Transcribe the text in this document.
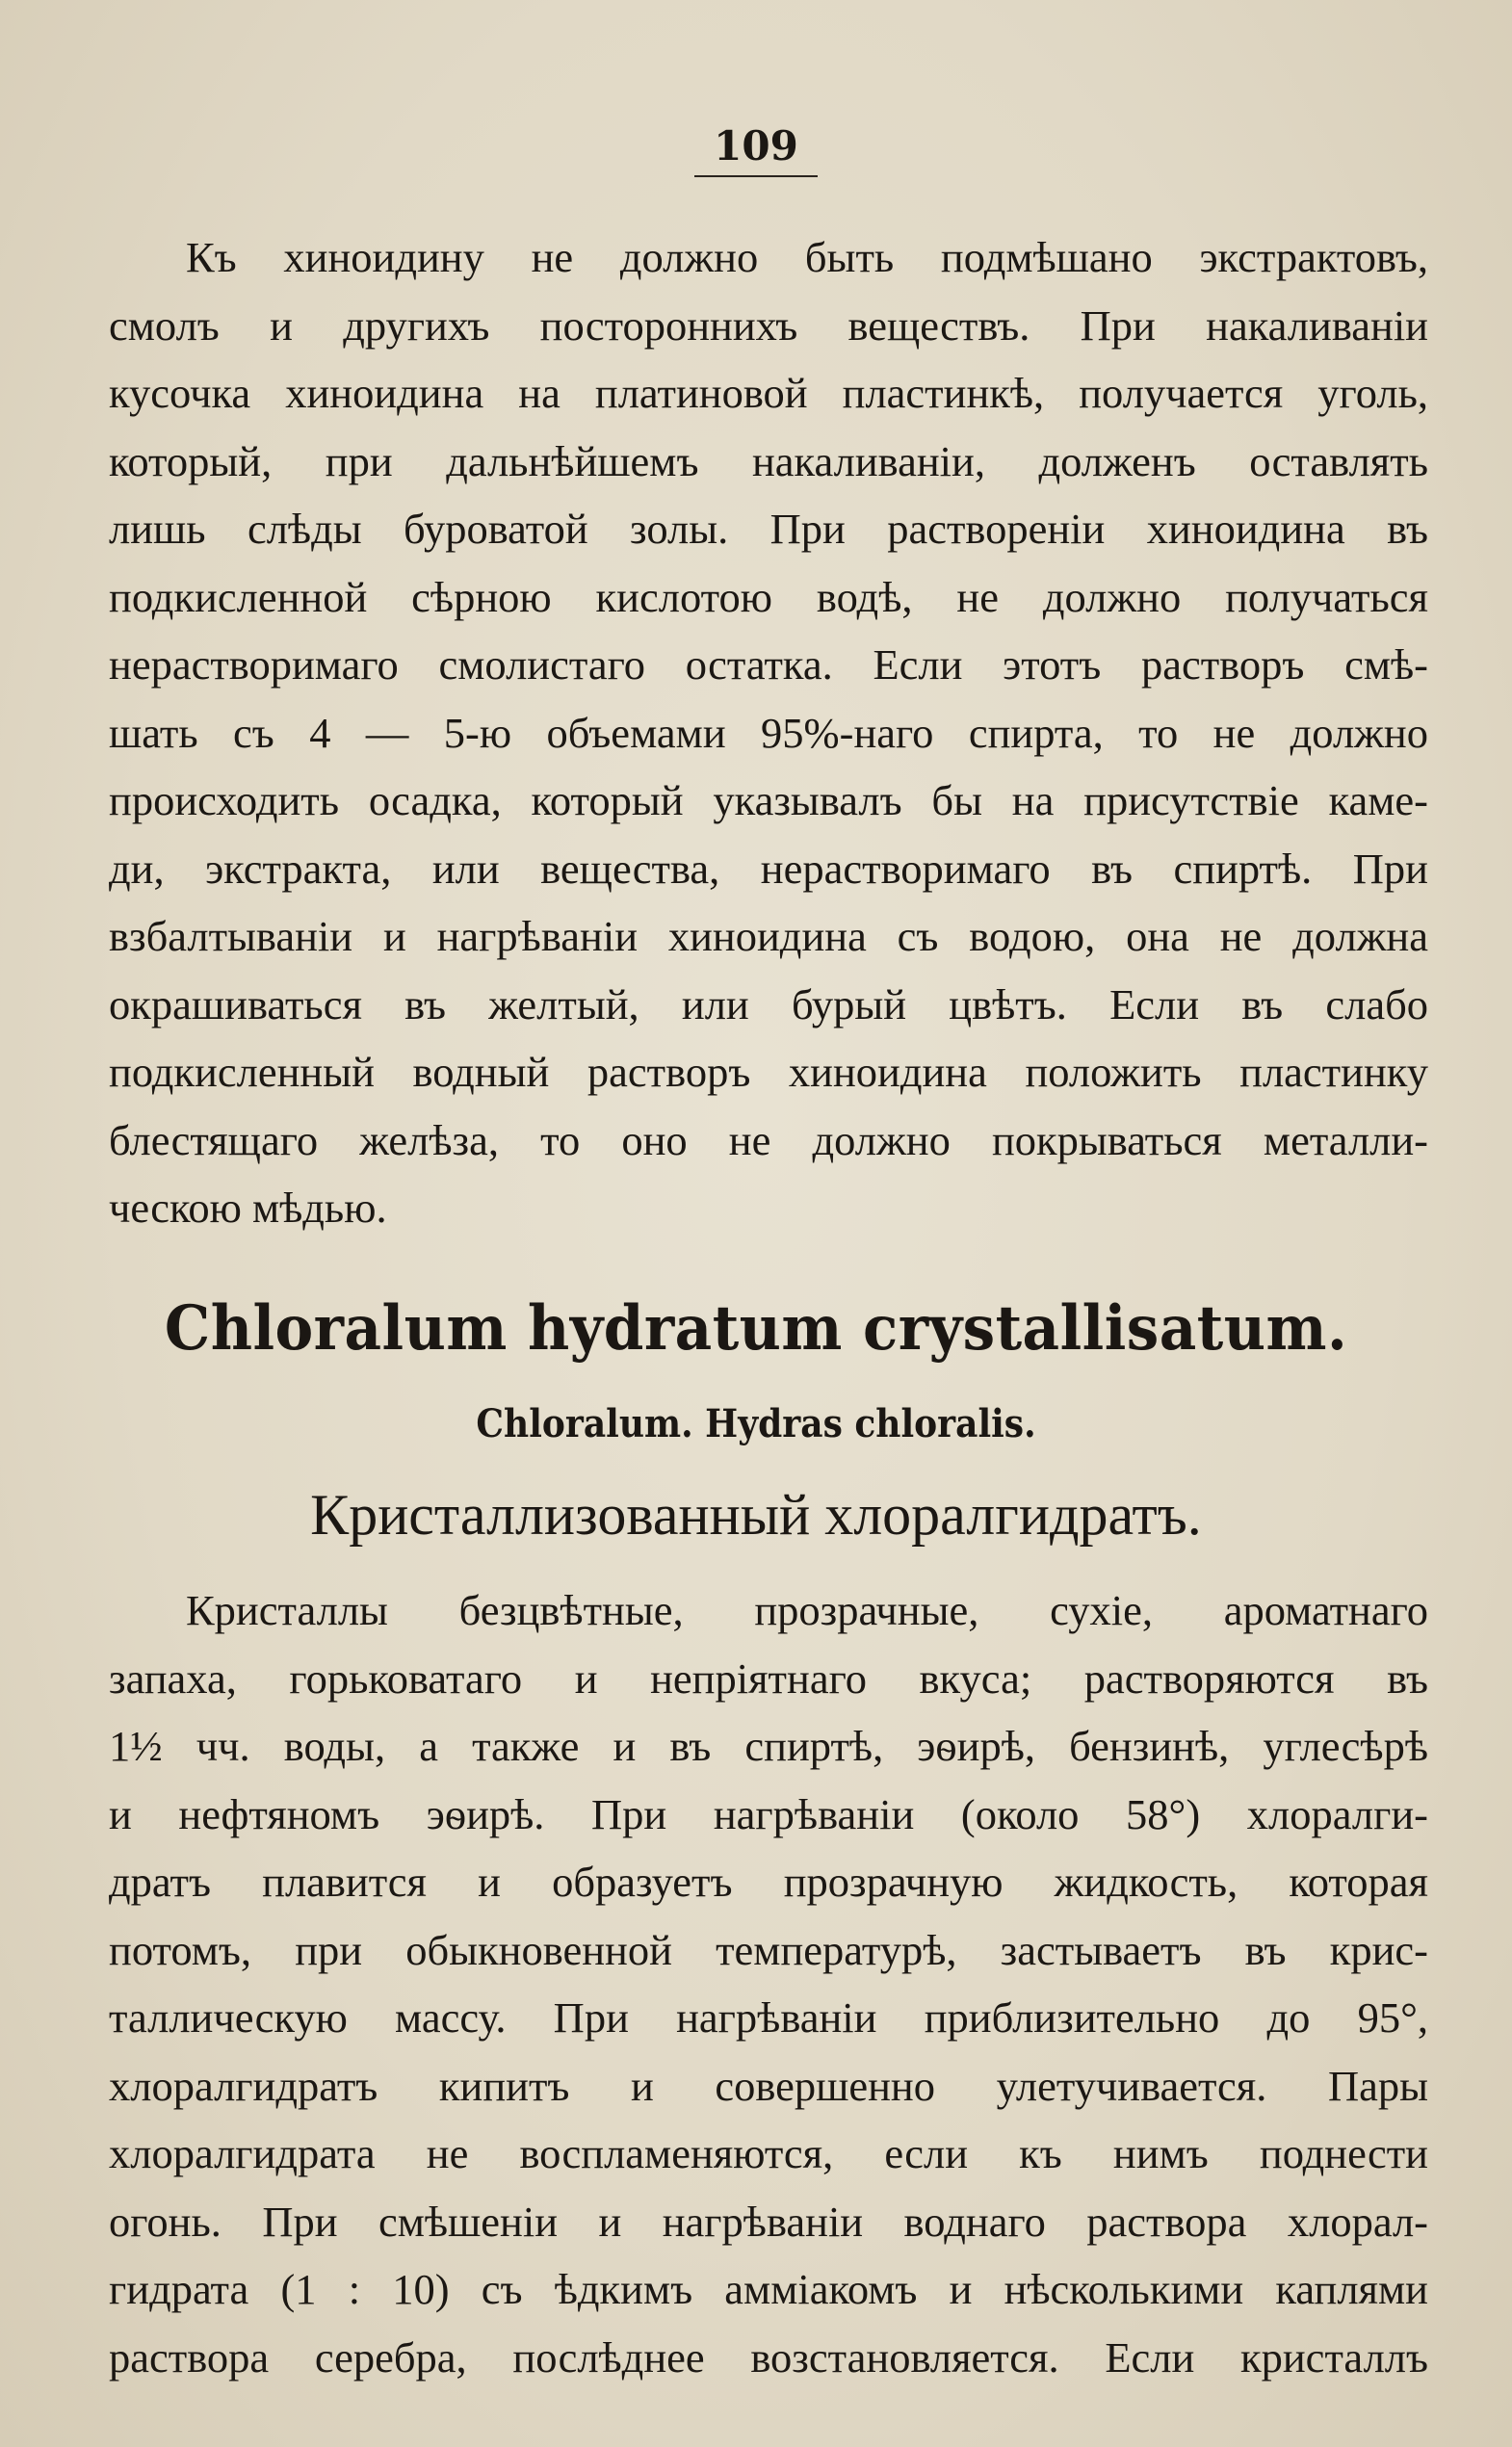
109
Къ хиноидину не должно быть подмѣшано экстрактовъ,
смолъ и другихъ постороннихъ веществъ. При накаливаніи
кусочка хиноидина на платиновой пластинкѣ, получается уголь,
который, при дальнѣйшемъ накаливаніи, долженъ оставлять
лишь слѣды буроватой золы. При раствореніи хиноидина въ
подкисленной сѣрною кислотою водѣ, не должно получаться
нерастворимаго смолистаго остатка. Если этотъ растворъ смѣ-
шать съ 4 — 5-ю объемами 95%-наго спирта, то не должно
происходить осадка, который указывалъ бы на присутствіе каме-
ди, экстракта, или вещества, нерастворимаго въ спиртѣ. При
взбалтываніи и нагрѣваніи хиноидина съ водою, она не должна
окрашиваться въ желтый, или бурый цвѣтъ. Если въ слабо
подкисленный водный растворъ хиноидина положить пластинку
блестящаго желѣза, то оно не должно покрываться металли-
ческою мѣдью.
Chloralum hydratum crystallisatum.
Chloralum. Hydras chloralis.
Кристаллизованный хлоралгидратъ.
Кристаллы безцвѣтные, прозрачные, сухіе, ароматнаго
запаха, горьковатаго и непріятнаго вкуса; растворяются въ
1½ чч. воды, а также и въ спиртѣ, эѳирѣ, бензинѣ, углесѣрѣ
и нефтяномъ эѳирѣ. При нагрѣваніи (около 58°) хлоралги-
дратъ плавится и образуетъ прозрачную жидкость, которая
потомъ, при обыкновенной температурѣ, застываетъ въ крис-
таллическую массу. При нагрѣваніи приблизительно до 95°,
хлоралгидратъ кипитъ и совершенно улетучивается. Пары
хлоралгидрата не воспламеняются, если къ нимъ поднести
огонь. При смѣшеніи и нагрѣваніи воднаго раствора хлорал-
гидрата (1 : 10) съ ѣдкимъ амміакомъ и нѣсколькими каплями
раствора серебра, послѣднее возстановляется. Если кристаллъ
